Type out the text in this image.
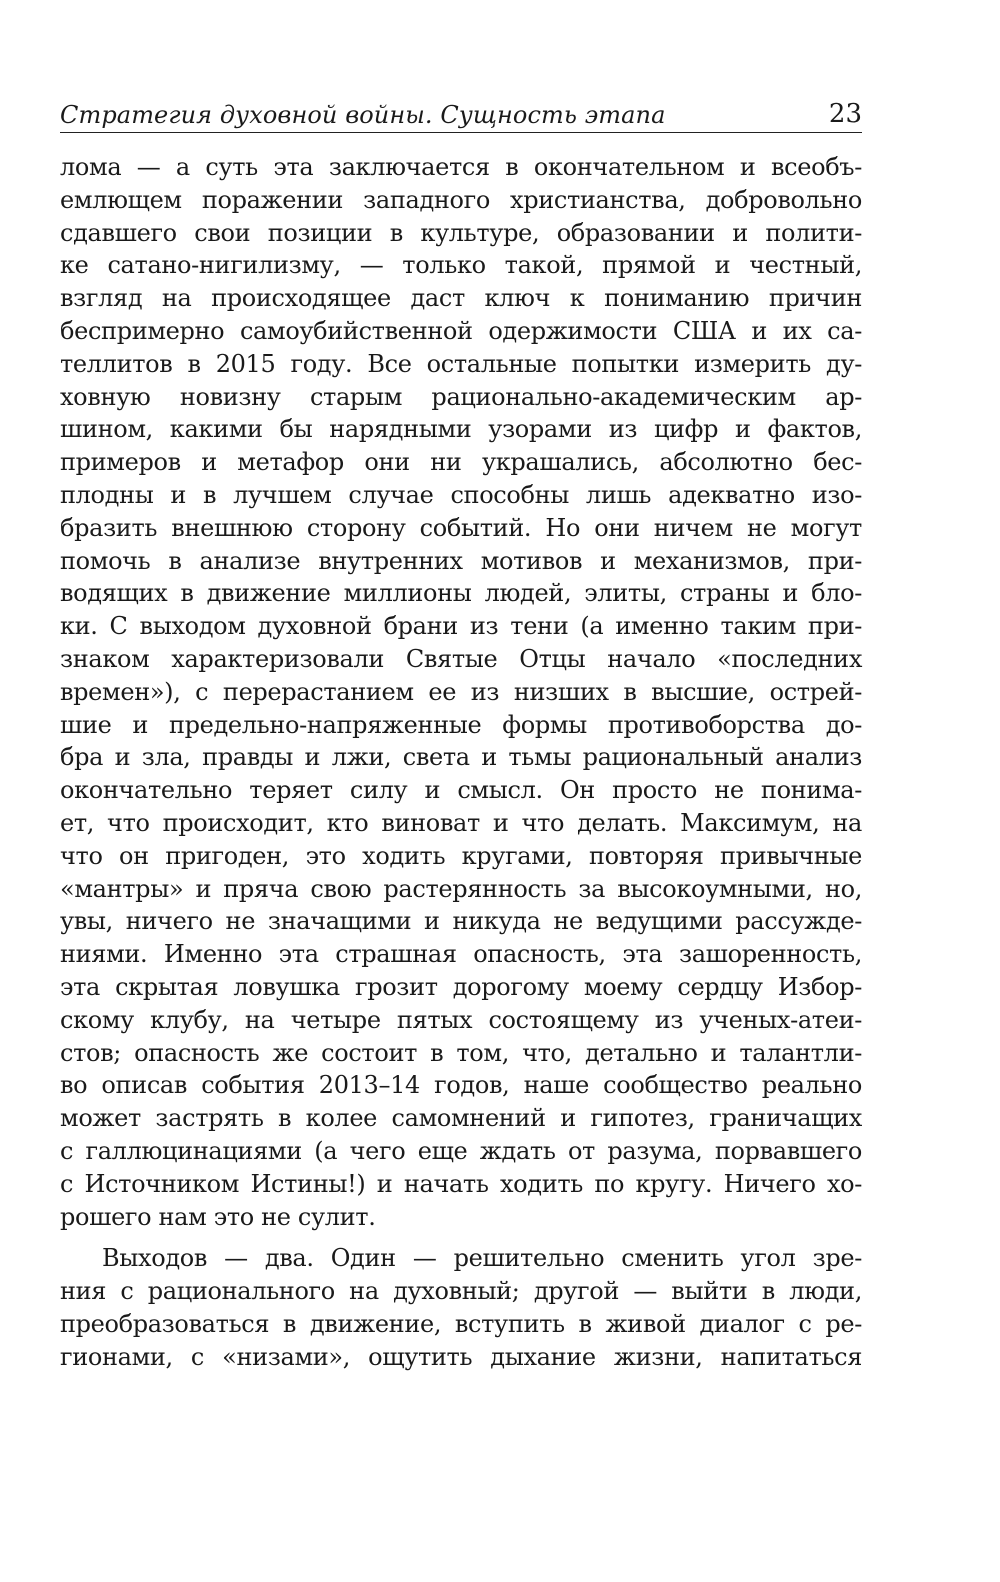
Стратегия духовной войны. Сущность этапа	23
лома — а суть эта заключается в окончательном и всеобъ-
емлющем поражении западного христианства, добровольно
сдавшего свои позиции в культуре, образовании и полити-
ке сатано-нигилизму, — только такой, прямой и честный,
взгляд на происходящее даст ключ к пониманию причин
беспримерно самоубийственной одержимости США и их са-
теллитов в 2015 году. Все остальные попытки измерить ду-
ховную новизну старым рационально-академическим ар-
шином, какими бы нарядными узорами из цифр и фактов,
примеров и метафор они ни украшались, абсолютно бес-
плодны и в лучшем случае способны лишь адекватно изо-
бразить внешнюю сторону событий. Но они ничем не могут
помочь в анализе внутренних мотивов и механизмов, при-
водящих в движение миллионы людей, элиты, страны и бло-
ки. С выходом духовной брани из тени (а именно таким при-
знаком характеризовали Святые Отцы начало «последних
времен»), с перерастанием ее из низших в высшие, острей-
шие и предельно-напряженные формы противоборства до-
бра и зла, правды и лжи, света и тьмы рациональный анализ
окончательно теряет силу и смысл. Он просто не понима-
ет, что происходит, кто виноват и что делать. Максимум, на
что он пригоден, это ходить кругами, повторяя привычные
«мантры» и пряча свою растерянность за высокоумными, но,
увы, ничего не значащими и никуда не ведущими рассужде-
ниями. Именно эта страшная опасность, эта зашоренность,
эта скрытая ловушка грозит дорогому моему сердцу Избор-
скому клубу, на четыре пятых состоящему из ученых-атеи-
стов; опасность же состоит в том, что, детально и талантли-
во описав события 2013–14 годов, наше сообщество реально
может застрять в колее самомнений и гипотез, граничащих
с галлюцинациями (а чего еще ждать от разума, порвавшего
с Источником Истины!) и начать ходить по кругу. Ничего хо-
рошего нам это не сулит.
Выходов — два. Один — решительно сменить угол зре-
ния с рационального на духовный; другой — выйти в люди,
преобразоваться в движение, вступить в живой диалог с ре-
гионами, с «низами», ощутить дыхание жизни, напитаться
